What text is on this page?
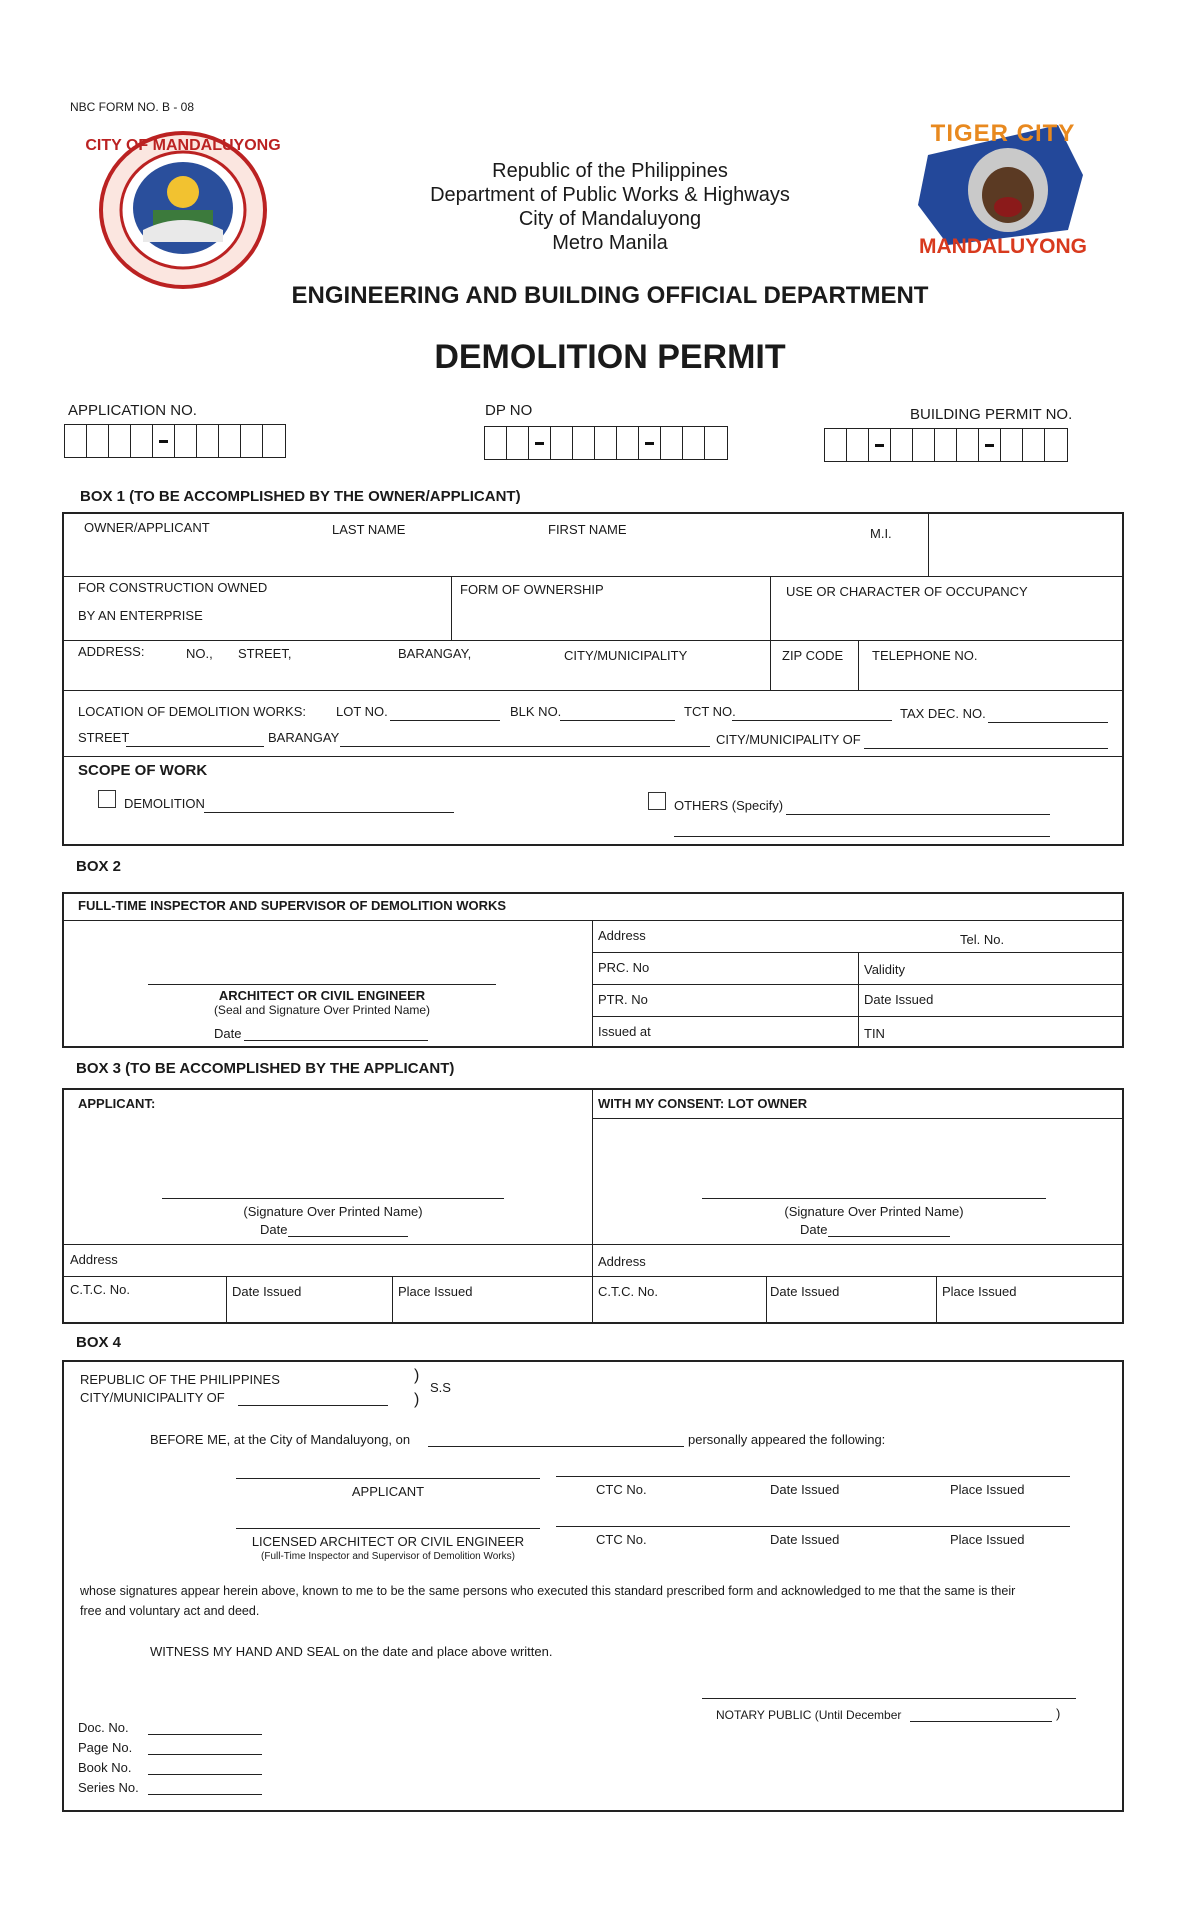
NBC FORM NO. B - 08
CITY OF MANDALUYONG	TIGER CITY
MANDALUYONG
Republic of the Philippines
Department of Public Works & Highways
City of Mandaluyong
Metro Manila
ENGINEERING AND BUILDING OFFICIAL DEPARTMENT
DEMOLITION PERMIT
APPLICATION NO.	DP NO	BUILDING PERMIT NO.
BOX 1 (TO BE ACCOMPLISHED BY THE OWNER/APPLICANT)
OWNER/APPLICANT	LAST NAME	FIRST NAME	M.I.
FOR CONSTRUCTION OWNED
BY AN ENTERPRISE
FORM OF OWNERSHIP	USE OR CHARACTER OF OCCUPANCY
ADDRESS:	NO., STREET,	BARANGAY,	CITY/MUNICIPALITY	ZIP CODE TELEPHONE NO.
LOCATION OF DEMOLITION WORKS: LOT NO.	BLK NO.	TCT NO.	TAX DEC. NO.
STREET	BARANGAY	CITY/MUNICIPALITY OF
SCOPE OF WORK
DEMOLITION	OTHERS (Specify)
BOX 2
FULL-TIME INSPECTOR AND SUPERVISOR OF DEMOLITION WORKS
ARCHITECT OR CIVIL ENGINEER
(Seal and Signature Over Printed Name)
Date
Address	Tel. No.
PRC. No	Validity
PTR. No	Date Issued
Issued at	TIN
BOX 3 (TO BE ACCOMPLISHED BY THE APPLICANT)
APPLICANT:	WITH MY CONSENT: LOT OWNER
(Signature Over Printed Name)
Date
(Signature Over Printed Name)
Date
Address	Address
C.T.C. No.	Date Issued	Place Issued	C.T.C. No.	Date Issued	Place Issued
BOX 4
REPUBLIC OF THE PHILIPPINES
CITY/MUNICIPALITY OF
)

)
S.S
BEFORE ME, at the City of Mandaluyong, on	personally appeared the following:
APPLICANT	CTC No.	Date Issued	Place Issued
LICENSED ARCHITECT OR CIVIL ENGINEER
(Full-Time Inspector and Supervisor of Demolition Works)
CTC No.	Date Issued	Place Issued
whose signatures appear herein above, known to me to be the same persons who executed this standard prescribed form and acknowledged to me that the same is their
free and voluntary act and deed.
WITNESS MY HAND AND SEAL on the date and place above written.
NOTARY PUBLIC (Until December	)
Doc. No.
Page No.
Book No.
Series No.
